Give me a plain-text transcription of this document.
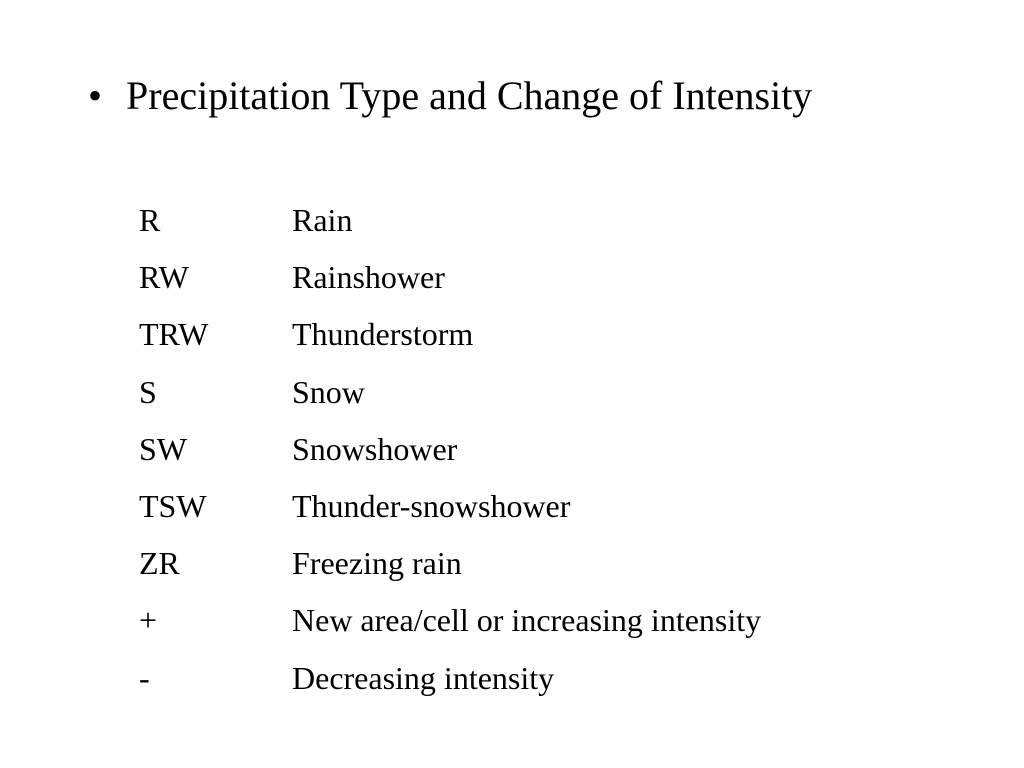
• Precipitation Type and Change of Intensity
R	Rain
RW	Rainshower
TRW	Thunderstorm
S	Snow
SW	Snowshower
TSW	Thunder-snowshower
ZR	Freezing rain
+	New area/cell or increasing intensity
-	Decreasing intensity
